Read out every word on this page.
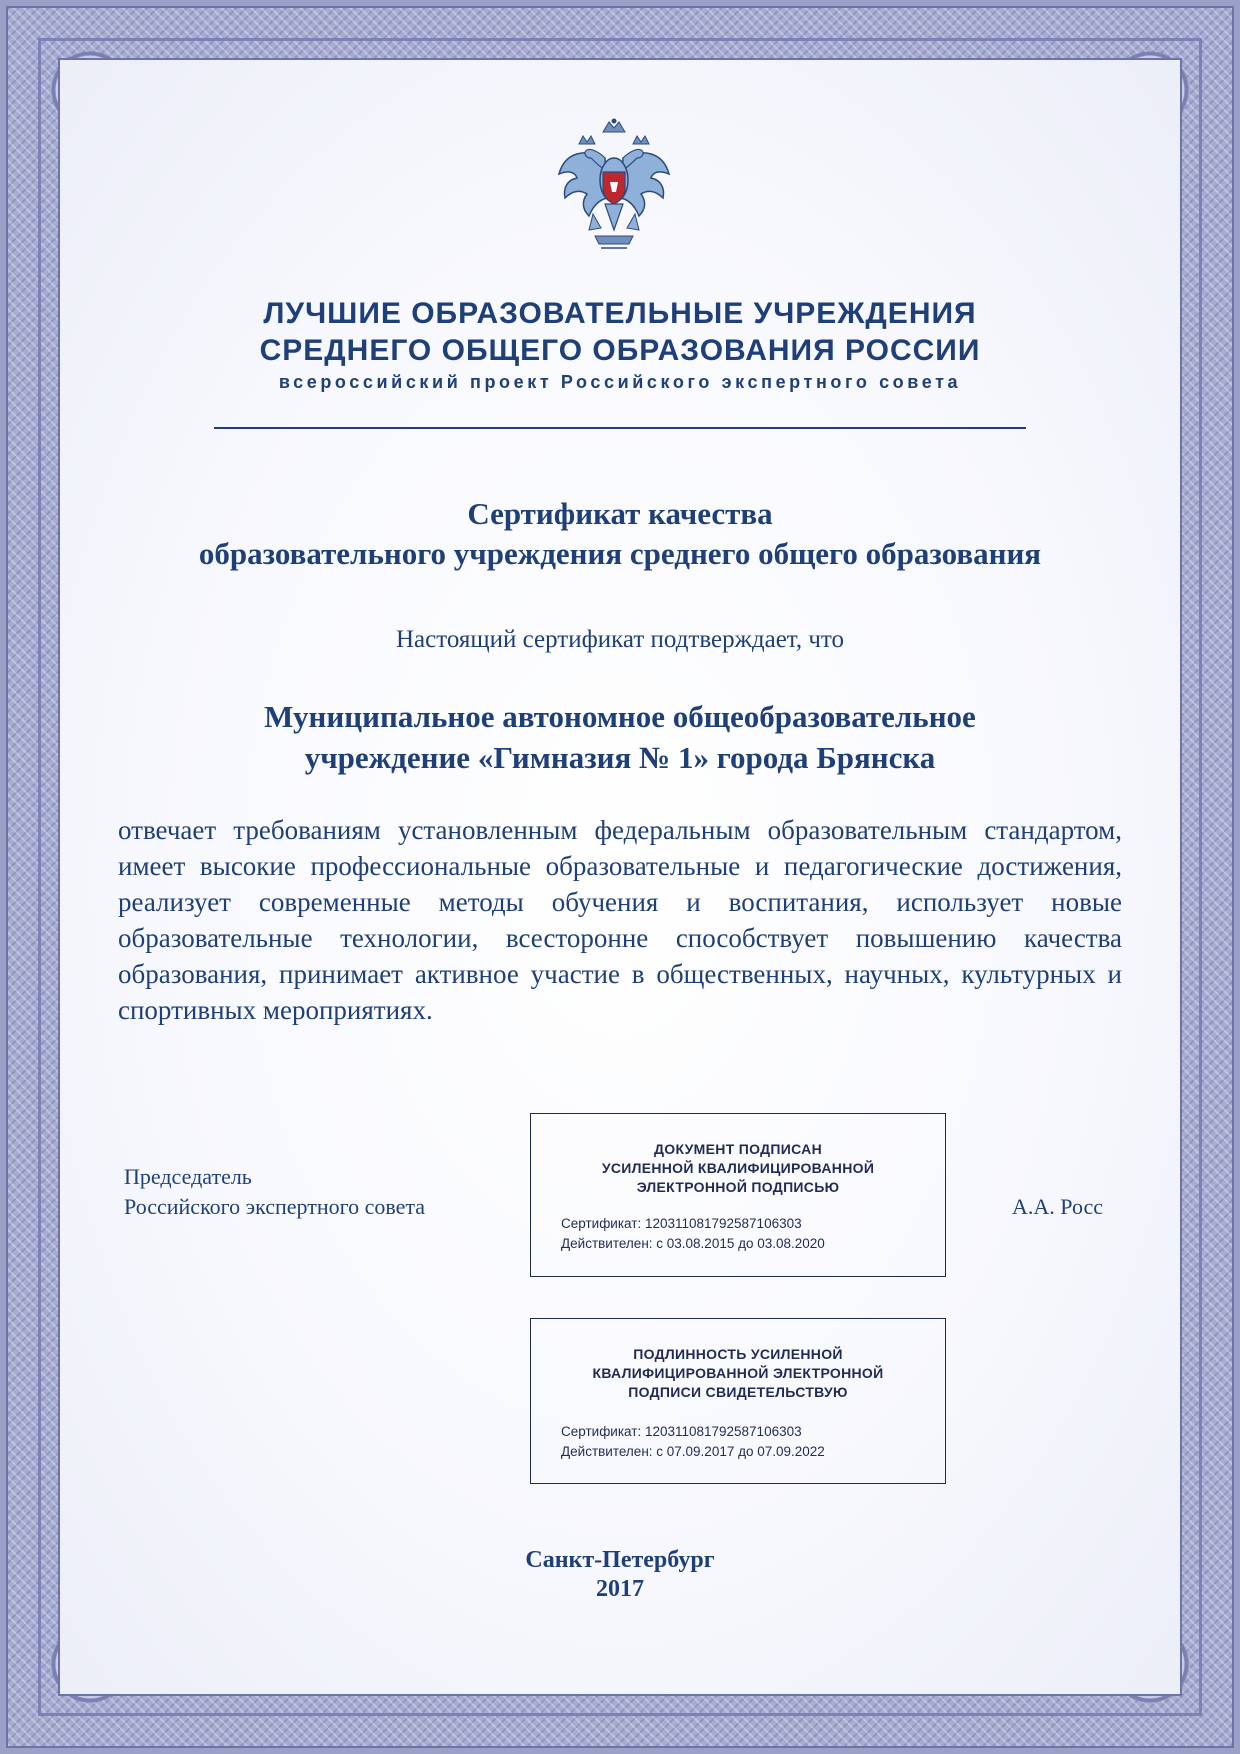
ЛУЧШИЕ ОБРАЗОВАТЕЛЬНЫЕ УЧРЕЖДЕНИЯ
СРЕДНЕГО ОБЩЕГО ОБРАЗОВАНИЯ РОССИИ
всероссийский проект Российского экспертного совета
Сертификат качества
образовательного учреждения среднего общего образования
Настоящий сертификат подтверждает, что
Муниципальное автономное общеобразовательное
учреждение «Гимназия № 1» города Брянска
отвечает требованиям установленным федеральным образовательным стандартом, имеет высокие профессиональные образовательные и педагогические достижения, реализует современные методы обучения и воспитания, использует новые образовательные технологии, всесторонне способствует повышению качества образования, принимает активное участие в общественных, научных, культурных и спортивных мероприятиях.
Председатель
Российского экспертного совета	А.А. Росс
ДОКУМЕНТ ПОДПИСАН
УСИЛЕННОЙ КВАЛИФИЦИРОВАННОЙ
ЭЛЕКТРОННОЙ ПОДПИСЬЮ
Сертификат: 120311081792587106303
Действителен: с 03.08.2015 до 03.08.2020
ПОДЛИННОСТЬ УСИЛЕННОЙ
КВАЛИФИЦИРОВАННОЙ ЭЛЕКТРОННОЙ
ПОДПИСИ СВИДЕТЕЛЬСТВУЮ
Сертификат: 120311081792587106303
Действителен: с 07.09.2017 до 07.09.2022
Санкт-Петербург
2017
